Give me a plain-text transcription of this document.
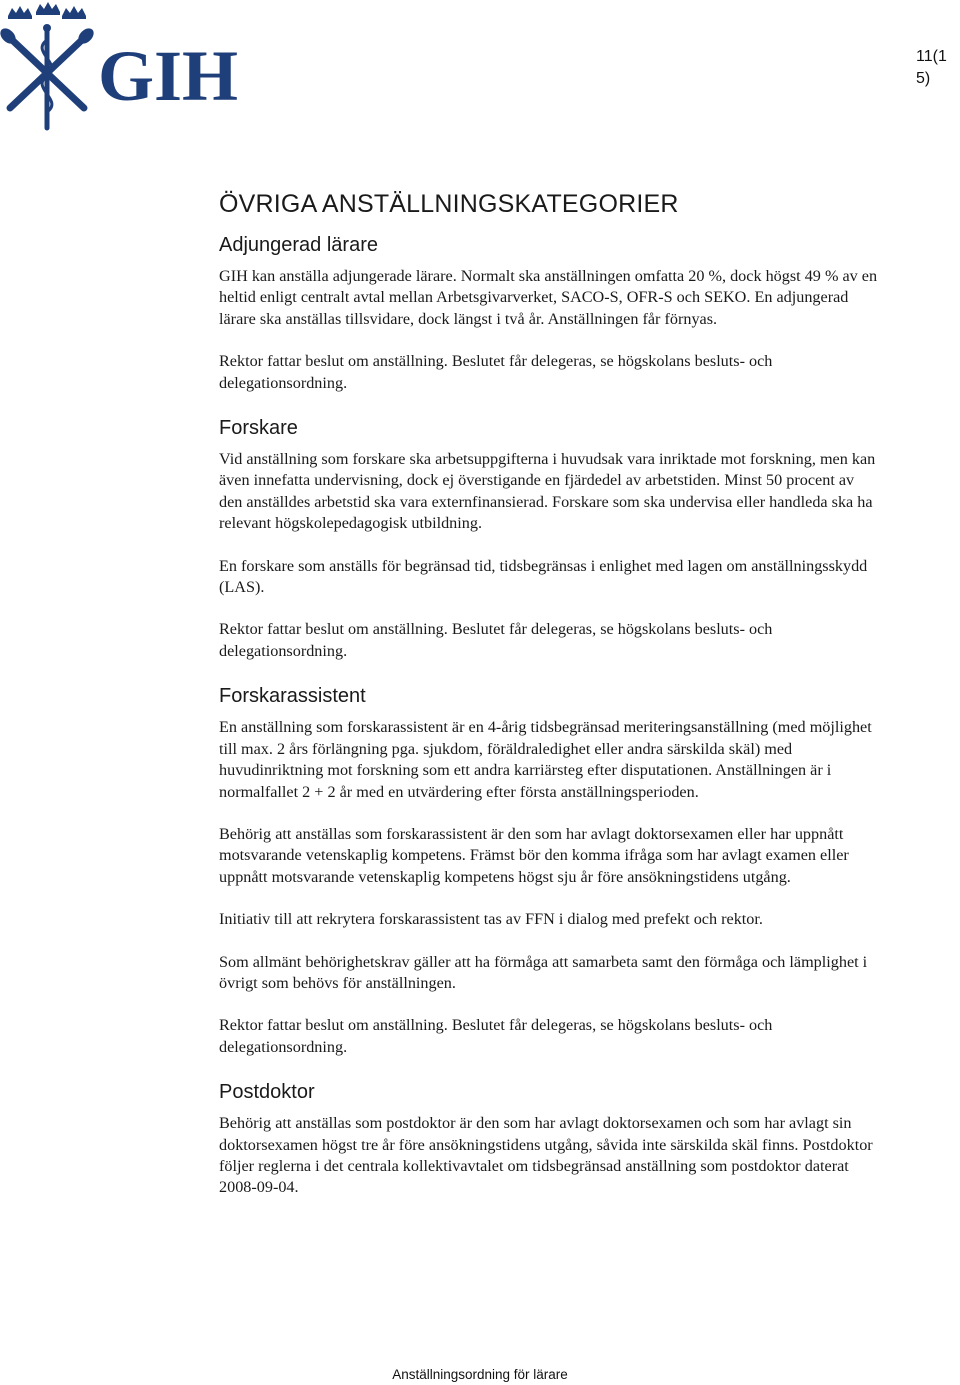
GIH	11(1
5)
ÖVRIGA ANSTÄLLNINGSKATEGORIER
Adjungerad lärare

GIH kan anställa adjungerade lärare. Normalt ska anställningen omfatta 20 %, dock högst 49 % av en heltid enligt centralt avtal mellan Arbetsgivarverket, SACO-S, OFR-S och SEKO. En adjungerad lärare ska anställas tillsvidare, dock längst i två år. Anställningen får förnyas.

Rektor fattar beslut om anställning. Beslutet får delegeras, se högskolans besluts- och delegationsordning.

Forskare

Vid anställning som forskare ska arbetsuppgifterna i huvudsak vara inriktade mot forskning, men kan även innefatta undervisning, dock ej överstigande en fjärdedel av arbetstiden. Minst 50 procent av den anställdes arbetstid ska vara externfinansierad. Forskare som ska undervisa eller handleda ska ha relevant högskolepedagogisk utbildning.

En forskare som anställs för begränsad tid, tidsbegränsas i enlighet med lagen om anställningsskydd (LAS).

Rektor fattar beslut om anställning. Beslutet får delegeras, se högskolans besluts- och delegationsordning.

Forskarassistent

En anställning som forskarassistent är en 4-årig tidsbegränsad meriteringsanställning (med möjlighet till max. 2 års förlängning pga. sjukdom, föräldraledighet eller andra särskilda skäl) med huvudinriktning mot forskning som ett andra karriärsteg efter disputationen. Anställningen är i normalfallet 2 + 2 år med en utvärdering efter första anställningsperioden.

Behörig att anställas som forskarassistent är den som har avlagt doktorsexamen eller har uppnått motsvarande vetenskaplig kompetens. Främst bör den komma ifråga som har avlagt examen eller uppnått motsvarande vetenskaplig kompetens högst sju år före ansökningstidens utgång.

Initiativ till att rekrytera forskarassistent tas av FFN i dialog med prefekt och rektor.

Som allmänt behörighetskrav gäller att ha förmåga att samarbeta samt den förmåga och lämplighet i övrigt som behövs för anställningen.

Rektor fattar beslut om anställning. Beslutet får delegeras, se högskolans besluts- och delegationsordning.

Postdoktor

Behörig att anställas som postdoktor är den som har avlagt doktorsexamen och som har avlagt sin doktorsexamen högst tre år före ansökningstidens utgång, såvida inte särskilda skäl finns. Postdoktor följer reglerna i det centrala kollektivavtalet om tidsbegränsad anställning som postdoktor daterat 2008-09-04.

Anställningsordning för lärare
